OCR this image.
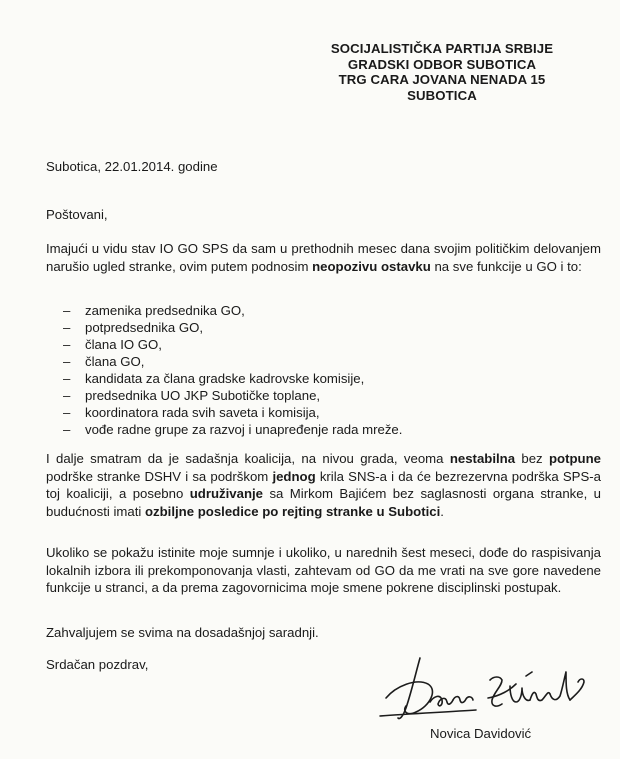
SOCIJALISTIČKA PARTIJA SRBIJE
GRADSKI ODBOR SUBOTICA
TRG CARA JOVANA NENADA 15
SUBOTICA
Subotica, 22.01.2014. godine
Poštovani,
Imajući u vidu stav IO GO SPS da sam u prethodnih mesec dana svojim političkim delovanjem narušio ugled stranke, ovim putem podnosim neopozivu ostavku na sve funkcije u GO i to:
– zamenika predsednika GO,
– potpredsednika GO,
– člana IO GO,
– člana GO,
– kandidata za člana gradske kadrovske komisije,
– predsednika UO JKP Subotičke toplane,
– koordinatora rada svih saveta i komisija,
– vođe radne grupe za razvoj i unapređenje rada mreže.
I dalje smatram da je sadašnja koalicija, na nivou grada, veoma nestabilna bez potpune podrške stranke DSHV i sa podrškom jednog krila SNS-a i da će bezrezervna podrška SPS-a toj koaliciji, a posebno udruživanje sa Mirkom Bajićem bez saglasnosti organa stranke, u budućnosti imati ozbiljne posledice po rejting stranke u Subotici.
Ukoliko se pokažu istinite moje sumnje i ukoliko, u narednih šest meseci, dođe do raspisivanja lokalnih izbora ili prekomponovanja vlasti, zahtevam od GO da me vrati na sve gore navedene funkcije u stranci, a da prema zagovornicima moje smene pokrene disciplinski postupak.
Zahvaljujem se svima na dosadašnjoj saradnji.
Srdačan pozdrav,
Novica Davidović
